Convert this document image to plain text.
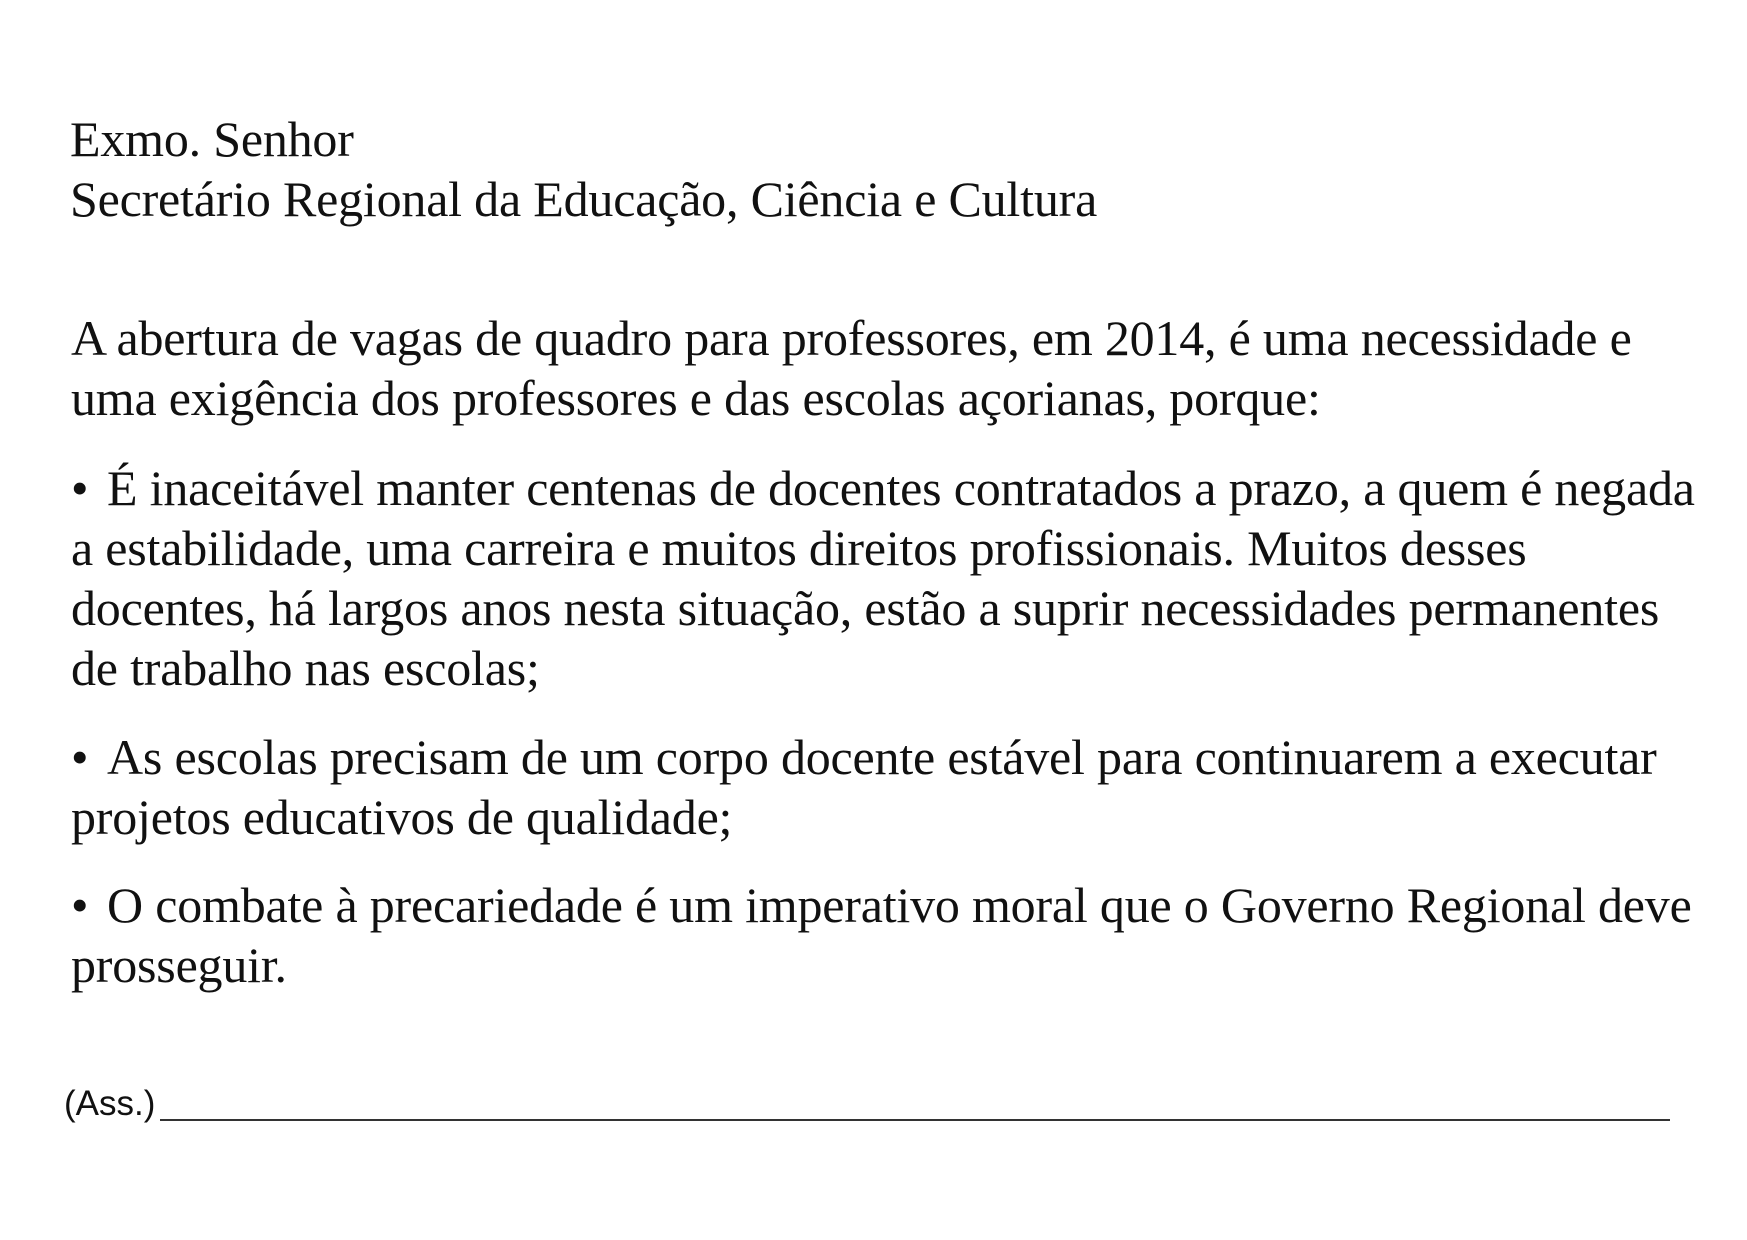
Exmo. Senhor
Secretário Regional da Educação, Ciência e Cultura
A abertura de vagas de quadro para professores, em 2014, é uma necessidade e uma exigência dos professores e das escolas açorianas, porque:
• É inaceitável manter centenas de docentes contratados a prazo, a quem é negada a estabilidade, uma carreira e muitos direitos profissionais. Muitos desses docentes, há largos anos nesta situação, estão a suprir necessidades permanentes de trabalho nas escolas;
• As escolas precisam de um corpo docente estável para continuarem a executar projetos educativos de qualidade;
• O combate à precariedade é um imperativo moral que o Governo Regional deve prosseguir.
(Ass.)
